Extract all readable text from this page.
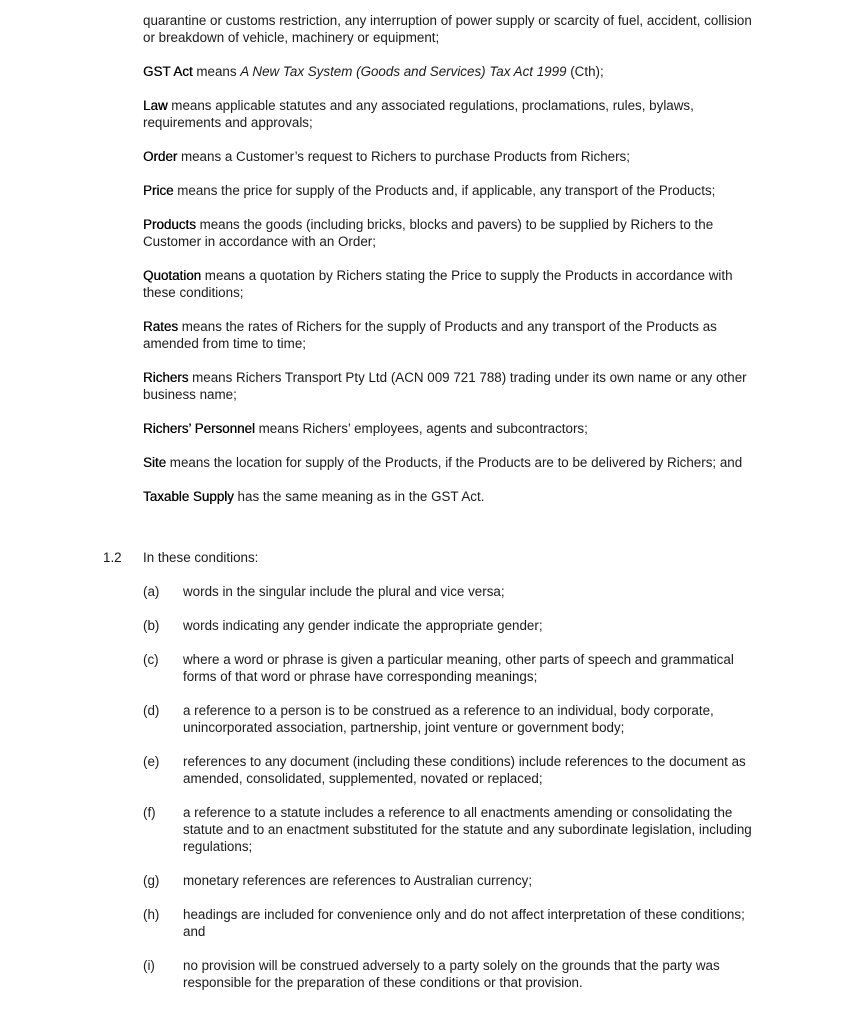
quarantine or customs restriction, any interruption of power supply or scarcity of fuel, accident, collision or breakdown of vehicle, machinery or equipment;

GST Act means A New Tax System (Goods and Services) Tax Act 1999 (Cth);

Law means applicable statutes and any associated regulations, proclamations, rules, bylaws, requirements and approvals;

Order means a Customer’s request to Richers to purchase Products from Richers;

Price means the price for supply of the Products and, if applicable, any transport of the Products;

Products means the goods (including bricks, blocks and pavers) to be supplied by Richers to the Customer in accordance with an Order;

Quotation means a quotation by Richers stating the Price to supply the Products in accordance with these conditions;

Rates means the rates of Richers for the supply of Products and any transport of the Products as amended from time to time;

Richers means Richers Transport Pty Ltd (ACN 009 721 788) trading under its own name or any other business name;

Richers’ Personnel means Richers’ employees, agents and subcontractors;

Site means the location for supply of the Products, if the Products are to be delivered by Richers; and

Taxable Supply has the same meaning as in the GST Act.

1.2 In these conditions:
(a)	words in the singular include the plural and vice versa;
(b)	words indicating any gender indicate the appropriate gender;
(c)	where a word or phrase is given a particular meaning, other parts of speech and grammatical forms of that word or phrase have corresponding meanings;
(d)	a reference to a person is to be construed as a reference to an individual, body corporate, unincorporated association, partnership, joint venture or government body;
(e)	references to any document (including these conditions) include references to the document as amended, consolidated, supplemented, novated or replaced;
(f)	a reference to a statute includes a reference to all enactments amending or consolidating the statute and to an enactment substituted for the statute and any subordinate legislation, including regulations;
(g)	monetary references are references to Australian currency;
(h)	headings are included for convenience only and do not affect interpretation of these conditions; and
(i)	no provision will be construed adversely to a party solely on the grounds that the party was responsible for the preparation of these conditions or that provision.
